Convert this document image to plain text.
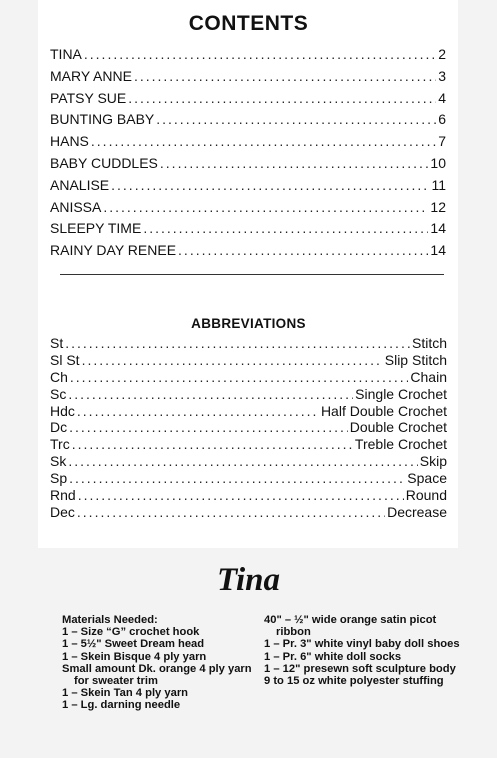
CONTENTS
TINA .....	2
MARY ANNE .....	3
PATSY SUE .....	4
BUNTING BABY .....	6
HANS .....	7
BABY CUDDLES .....	10
ANALISE .....	11
ANISSA .....	12
SLEEPY TIME .....	14
RAINY DAY RENEE .....	14
ABBREVIATIONS
St .....	Stitch
Sl St .....	Slip Stitch
Ch .....	Chain
Sc .....	Single Crochet
Hdc .....	Half Double Crochet
Dc .....	Double Crochet
Trc .....	Treble Crochet
Sk .....	Skip
Sp .....	Space
Rnd .....	Round
Dec .....	Decrease
Tina

Materials Needed:

1 – Size “G” crochet hook

1 – 5½" Sweet Dream head

1 – Skein Bisque 4 ply yarn

Small amount Dk. orange 4 ply yarn for sweater trim

1 – Skein Tan 4 ply yarn

1 – Lg. darning needle

40" – ½" wide orange satin picot ribbon

1 – Pr. 3" white vinyl baby doll shoes

1 – Pr. 6" white doll socks

1 – 12" presewn soft sculpture body

9 to 15 oz white polyester stuffing
